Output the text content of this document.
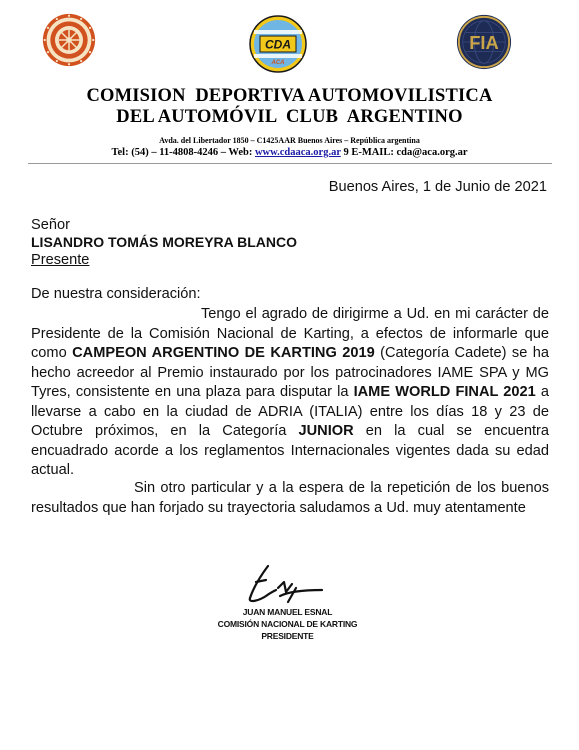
CDA
ACA
FIA
COMISION  DEPORTIVA AUTOMOVILISTICA
DEL AUTOMÓVIL  CLUB  ARGENTINO
Avda. del Libertador 1850 – C1425AAR Buenos Aires – República argentina
Tel: (54) – 11-4808-4246 – Web: www.cdaaca.org.ar 9 E-MAIL: cda@aca.org.ar
Buenos Aires, 1 de Junio de 2021
Señor
LISANDRO TOMÁS MOREYRA BLANCO
Presente
De nuestra consideración:
Tengo el agrado de dirigirme a Ud. en mi carácter de Presidente de la Comisión Nacional de Karting, a efectos de informarle que como CAMPEON ARGENTINO DE KARTING 2019 (Categoría Cadete) se ha hecho acreedor al Premio instaurado por los patrocinadores IAME SPA y MG Tyres, consistente en una plaza para disputar la IAME WORLD FINAL 2021 a llevarse a cabo en la ciudad de ADRIA (ITALIA) entre los días 18 y 23 de Octubre próximos, en la Categoría JUNIOR en la cual se encuentra encuadrado acorde a los reglamentos Internacionales vigentes dada su edad actual.
Sin otro particular y a la espera de la repetición de los buenos resultados que han forjado su trayectoria saludamos a Ud. muy atentamente
JUAN MANUEL ESNAL
COMISIÓN NACIONAL DE KARTING
PRESIDENTE
